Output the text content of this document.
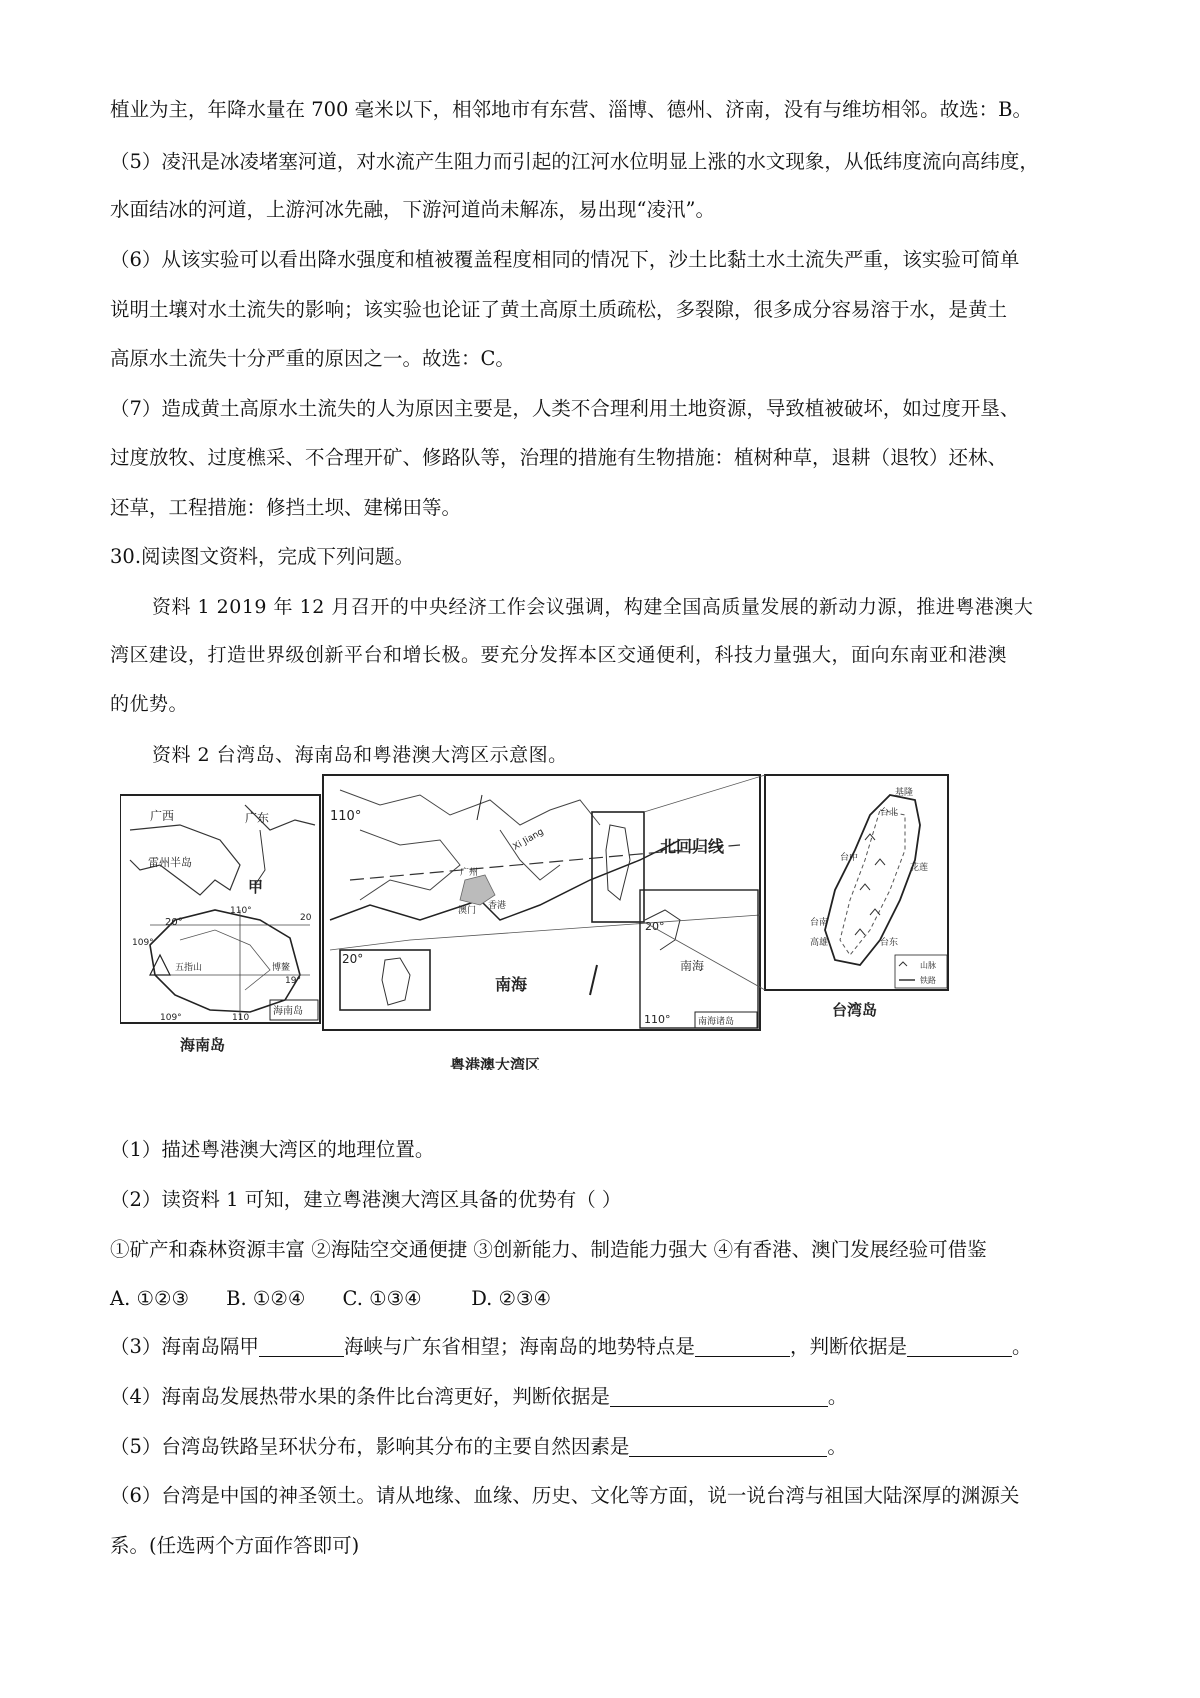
植业为主，年降水量在 700 毫米以下，相邻地市有东营、淄博、德州、济南，没有与维坊相邻。故选：B。
（5）凌汛是冰凌堵塞河道，对水流产生阻力而引起的江河水位明显上涨的水文现象，从低纬度流向高纬度，
水面结冰的河道，上游河冰先融，下游河道尚未解冻，易出现“凌汛”。
（6）从该实验可以看出降水强度和植被覆盖程度相同的情况下，沙土比黏土水土流失严重，该实验可简单
说明土壤对水土流失的影响；该实验也论证了黄土高原土质疏松，多裂隙，很多成分容易溶于水，是黄土
高原水土流失十分严重的原因之一。故选：C。
（7）造成黄土高原水土流失的人为原因主要是，人类不合理利用土地资源，导致植被破坏，如过度开垦、
过度放牧、过度樵采、不合理开矿、修路队等，治理的措施有生物措施：植树种草，退耕（退牧）还林、
还草，工程措施：修挡土坝、建梯田等。
30.阅读图文资料，完成下列问题。
资料 1 2019 年 12 月召开的中央经济工作会议强调，构建全国高质量发展的新动力源，推进粤港澳大
湾区建设，打造世界级创新平台和增长极。要充分发挥本区交通便利，科技力量强大，面向东南亚和港澳
的优势。
资料 2 台湾岛、海南岛和粤港澳大湾区示意图。
广西	广东
雷州半岛
甲
20°
110°
20
109°
五指山	博鳌
19°
109°	110
海南岛
海南岛
110°
20°
广州
澳门 香港
Xi Jiang	北回归线
南海
粤港澳大湾区
20°
南海
110°	南海诸岛
基隆
台北
台中
花莲
台南
高雄	台东
山脉
铁路
台湾岛
（1）描述粤港澳大湾区的地理位置。
（2）读资料 1 可知，建立粤港澳大湾区具备的优势有（ ）
①矿产和森林资源丰富 ②海陆空交通便捷 ③创新能力、制造能力强大 ④有香港、澳门发展经验可借鉴
A. ①②③ B. ①②④ C. ①③④	D. ②③④
（3）海南岛隔甲	海峡与广东省相望；海南岛的地势特点是	，判断依据是	。
（4）海南岛发展热带水果的条件比台湾更好，判断依据是	。
（5）台湾岛铁路呈环状分布，影响其分布的主要自然因素是	。
（6）台湾是中国的神圣领土。请从地缘、血缘、历史、文化等方面，说一说台湾与祖国大陆深厚的渊源关
系。(任选两个方面作答即可)
